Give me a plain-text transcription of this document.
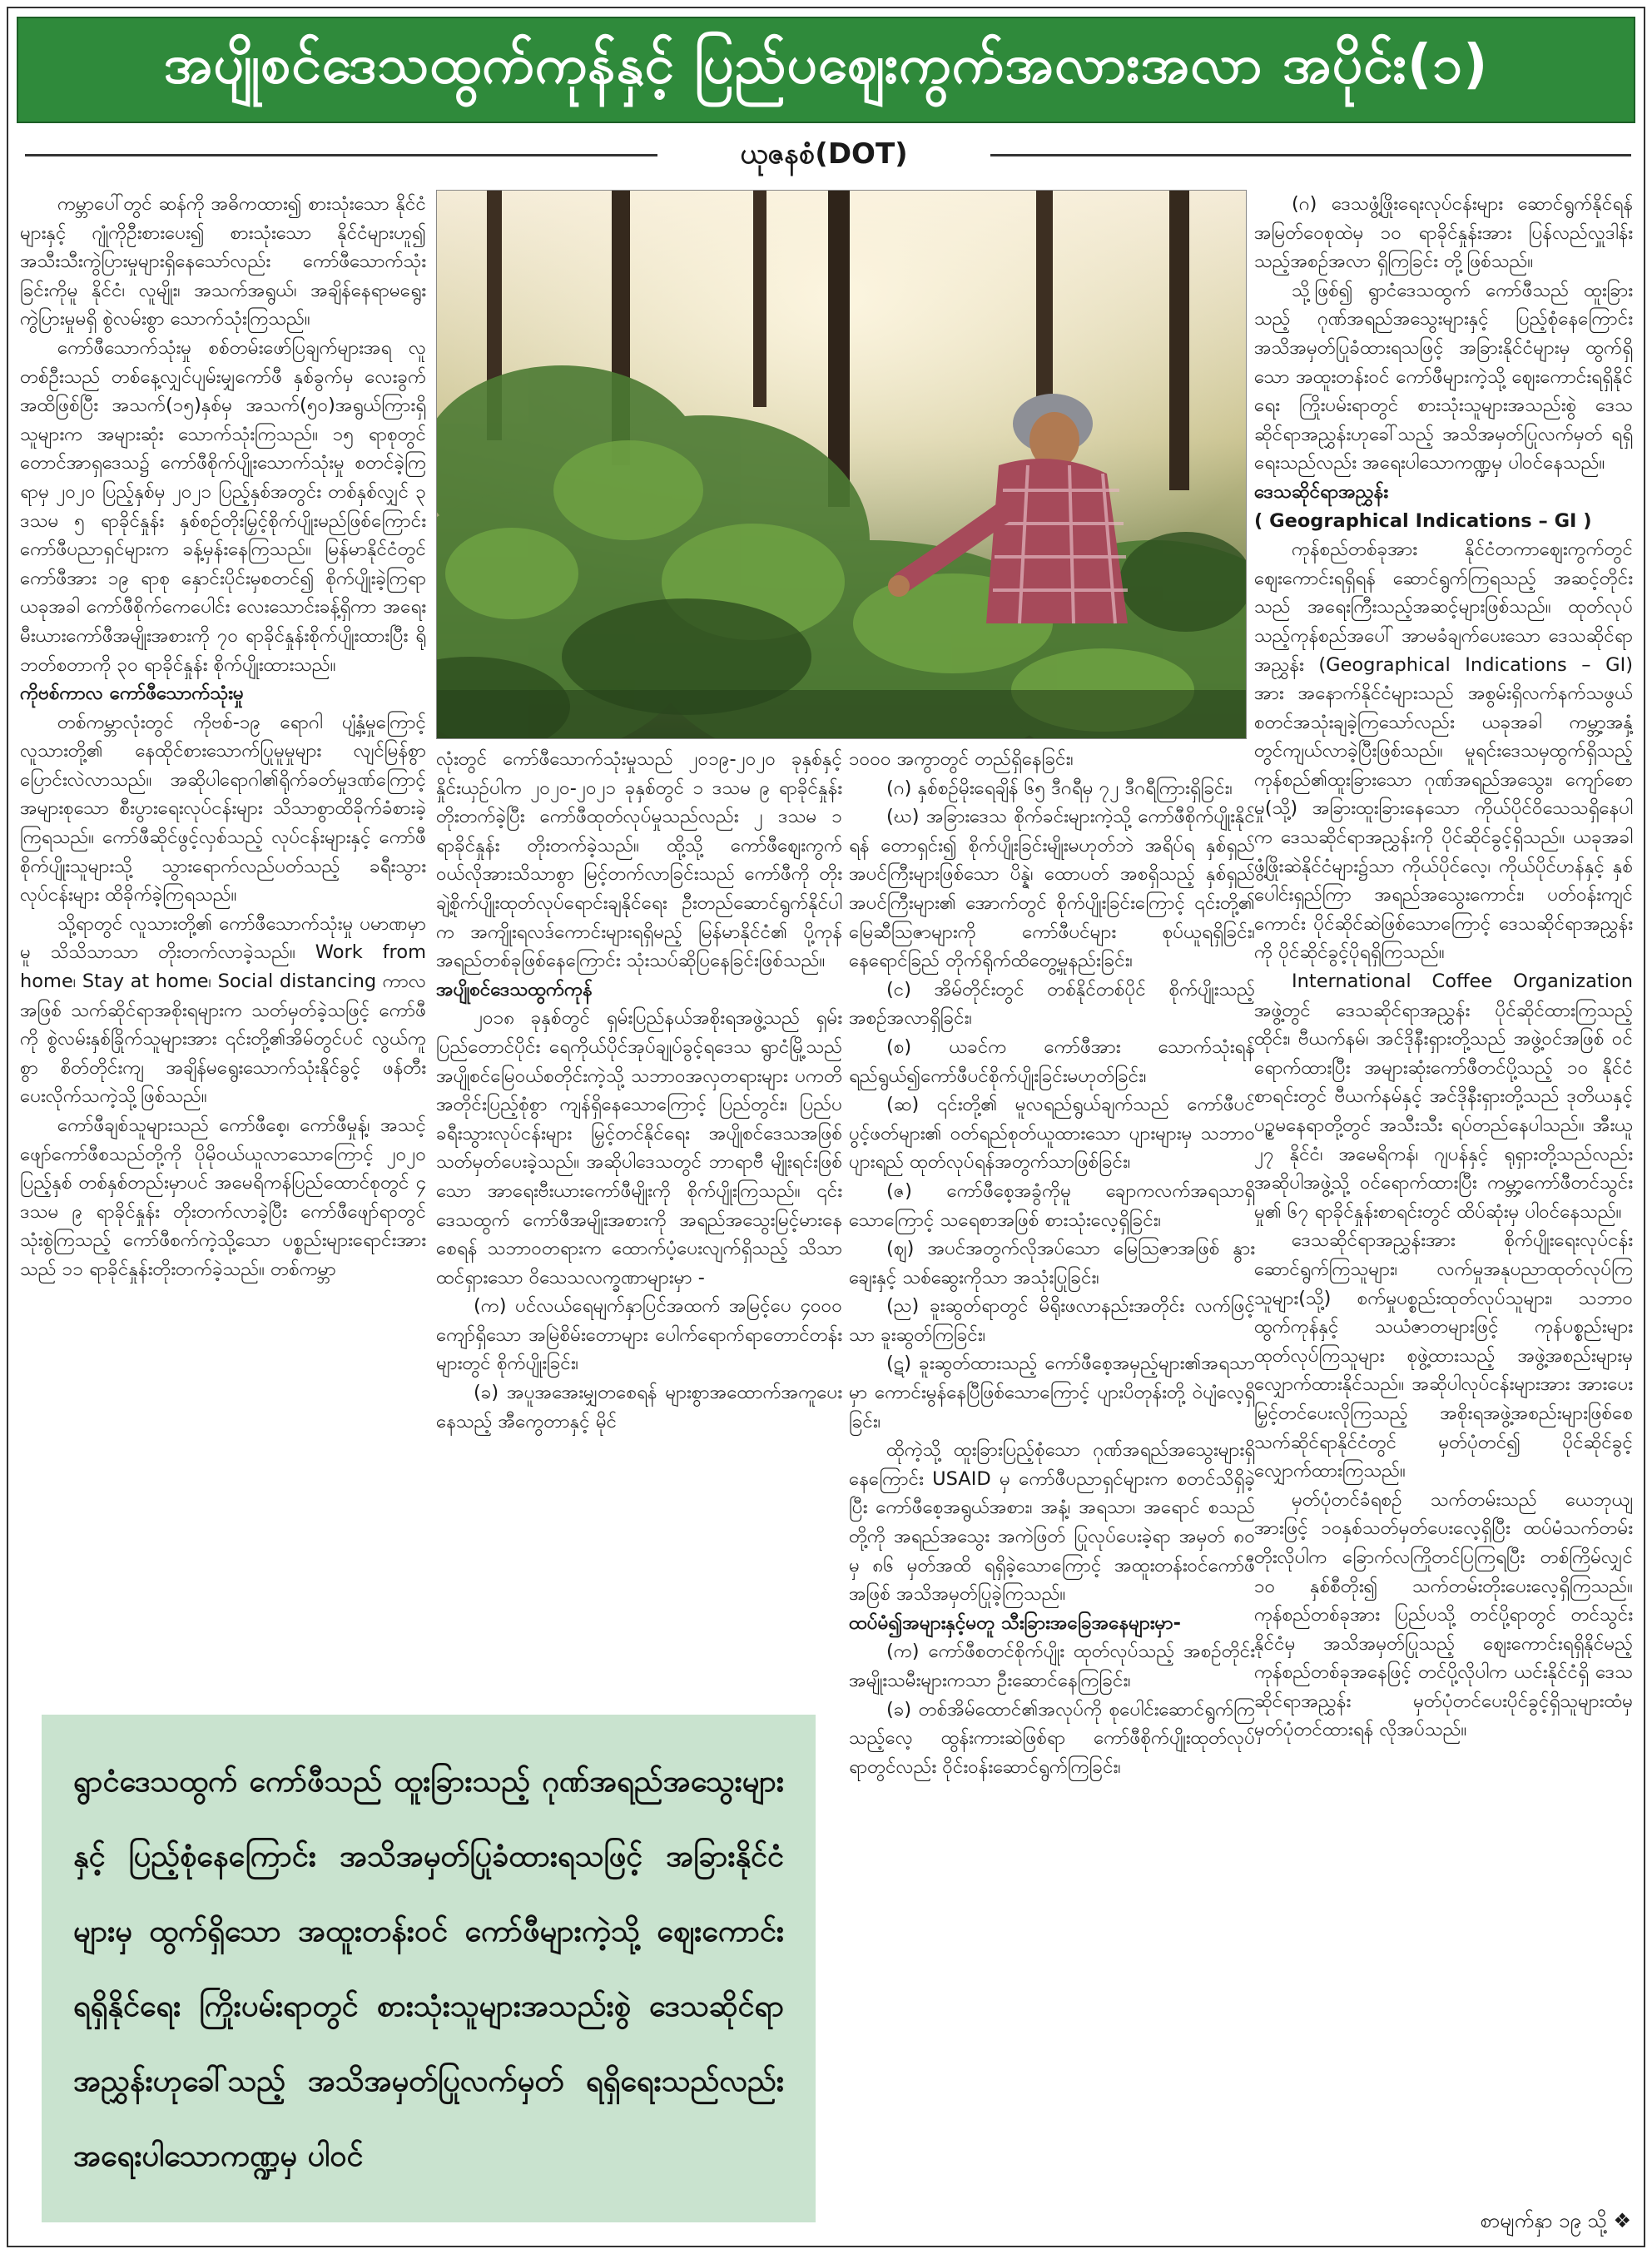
အပျိုစင်ဒေသထွက်ကုန်နှင့် ပြည်ပဈေးကွက်အလားအလာ အပိုင်း(၁)
ယုဇနစံ(DOT)

ကမ္ဘာပေါ်တွင် ဆန်ကို အဓိကထား၍ စားသုံးသော နိုင်ငံများနှင့် ဂျုံကိုဦးစားပေး၍ စားသုံးသော နိုင်ငံများဟူ၍ အသီးသီးကွဲပြားမှုများရှိနေသော်လည်း ကော်ဖီသောက်သုံးခြင်းကိုမူ နိုင်ငံ၊ လူမျိုး၊ အသက်အရွယ်၊ အချိန်နေရာမရွေး ကွဲပြားမှုမရှိ စွဲလမ်းစွာ သောက်သုံးကြသည်။

ကော်ဖီသောက်သုံးမှု စစ်တမ်းဖော်ပြချက်များအရ လူတစ်ဦးသည် တစ်နေ့လျှင်ပျမ်းမျှကော်ဖီ နှစ်ခွက်မှ လေးခွက်အထိဖြစ်ပြီး အသက်(၁၅)နှစ်မှ အသက်(၅၀)အရွယ်ကြားရှိသူများက အများဆုံး သောက်သုံးကြသည်။ ၁၅ ရာစုတွင် တောင်အာရှဒေသ၌ ကော်ဖီစိုက်ပျိုးသောက်သုံးမှု စတင်ခဲ့ကြရာမှ ၂၀၂၀ ပြည့်နှစ်မှ ၂၀၂၁ ပြည့်နှစ်အတွင်း တစ်နှစ်လျှင် ၃ ဒသမ ၅ ရာခိုင်နှုန်း နှစ်စဉ်တိုးမြှင့်စိုက်ပျိုးမည်ဖြစ်ကြောင်း ကော်ဖီပညာရှင်များက ခန့်မှန်းနေကြသည်။ မြန်မာနိုင်ငံတွင် ကော်ဖီအား ၁၉ ရာစု နှောင်းပိုင်းမှစတင်၍ စိုက်ပျိုးခဲ့ကြရာ ယခုအခါ ကော်ဖီစိုက်ကေပေါင်း လေးသောင်းခန့်ရှိကာ အရေးမီးယားကော်ဖီအမျိုးအစားကို ၇၀ ရာခိုင်နှုန်းစိုက်ပျိုးထားပြီး ရိုဘတ်စတာကို ၃၀ ရာခိုင်နှုန်း စိုက်ပျိုးထားသည်။

ကိုဗစ်ကာလ ကော်ဖီသောက်သုံးမှု

တစ်ကမ္ဘာလုံးတွင် ကိုဗစ်-၁၉ ရောဂါ ပျံ့နှံ့မှုကြောင့် လူသားတို့၏ နေထိုင်စားသောက်ပြုမူမှုများ လျင်မြန်စွာ ပြောင်းလဲလာသည်။ အဆိုပါရောဂါ၏ရိုက်ခတ်မှုဒဏ်ကြောင့် အများစုသော စီးပွားရေးလုပ်ငန်းများ သိသာစွာထိခိုက်ခံစားခဲ့ကြရသည်။ ကော်ဖီဆိုင်ဖွင့်လှစ်သည့် လုပ်ငန်းများနှင့် ကော်ဖီ စိုက်ပျိုးသူများသို့ သွားရောက်လည်ပတ်သည့် ခရီးသွားလုပ်ငန်းများ ထိခိုက်ခဲ့ကြရသည်။

သို့ရာတွင် လူသားတို့၏ ကော်ဖီသောက်သုံးမှု ပမာဏမှာမူ သိသိသာသာ တိုးတက်လာခဲ့သည်။ Work from home၊ Stay at home၊ Social distancing ကာလအဖြစ် သက်ဆိုင်ရာအစိုးရများက သတ်မှတ်ခဲ့သဖြင့် ကော်ဖီကို စွဲလမ်းနှစ်ခြိုက်သူများအား ၎င်းတို့၏အိမ်တွင်ပင် လွယ်ကူစွာ စိတ်တိုင်းကျ အချိန်မရွေးသောက်သုံးနိုင်ခွင့် ဖန်တီးပေးလိုက်သကဲ့သို့ဖြစ်သည်။

ကော်ဖီချစ်သူများသည် ကော်ဖီစေ့၊ ကော်ဖီမှုန့်၊ အသင့်ဖျော်ကော်ဖီစသည်တို့ကို ပိုမိုဝယ်ယူလာသောကြောင့် ၂၀၂၀ ပြည့်နှစ် တစ်နှစ်တည်းမှာပင် အမေရိကန်ပြည်ထောင်စုတွင် ၄ ဒသမ ၉ ရာခိုင်နှုန်း တိုးတက်လာခဲ့ပြီး ကော်ဖီဖျော်ရာတွင် သုံးစွဲကြသည့် ကော်ဖီစက်ကဲ့သို့သော ပစ္စည်းများရောင်းအားသည် ၁၁ ရာခိုင်နှုန်းတိုးတက်ခဲ့သည်။ တစ်ကမ္ဘာ

လုံးတွင် ကော်ဖီသောက်သုံးမှုသည် ၂၀၁၉-၂၀၂၀ ခုနှစ်နှင့် နှိုင်းယှဉ်ပါက ၂၀၂၀-၂၀၂၁ ခုနှစ်တွင် ၁ ဒသမ ၉ ရာခိုင်နှုန်း တိုးတက်ခဲ့ပြီး ကော်ဖီထုတ်လုပ်မှုသည်လည်း ၂ ဒသမ ၁ ရာခိုင်နှုန်း တိုးတက်ခဲ့သည်။ ထို့သို့ ကော်ဖီဈေးကွက်ဝယ်လိုအားသိသာစွာ မြင့်တက်လာခြင်းသည် ကော်ဖီကို တိုးချဲ့စိုက်ပျိုးထုတ်လုပ်ရောင်းချနိုင်ရေး ဦးတည်ဆောင်ရွက်နိုင်ပါက အကျိုးရလဒ်ကောင်းများရရှိမည့် မြန်မာနိုင်ငံ၏ ပို့ကုန်အရည်တစ်ခုဖြစ်နေကြောင်း သုံးသပ်ဆိုပြနေခြင်းဖြစ်သည်။

အပျိုစင်ဒေသထွက်ကုန်

၂၀၁၈ ခုနှစ်တွင် ရှမ်းပြည်နယ်အစိုးရအဖွဲ့သည် ရှမ်းပြည်တောင်ပိုင်း ရေကိုယ်ပိုင်အုပ်ချုပ်ခွင့်ရဒေသ ရွာငံမြို့သည် အပျိုစင်မြေဝယ်စတိုင်းကဲ့သို့ သဘာဝအလှတရားများ ပကတိအတိုင်းပြည့်စုံစွာ ကျန်ရှိနေသောကြောင့် ပြည်တွင်း၊ ပြည်ပခရီးသွားလုပ်ငန်းများ မြှင့်တင်နိုင်ရေး အပျိုစင်ဒေသအဖြစ် သတ်မှတ်ပေးခဲ့သည်။ အဆိုပါဒေသတွင် ဘာရာဗီ မျိုးရင်းဖြစ်သော အာရေးဗီးယားကော်ဖီမျိုးကို စိုက်ပျိုးကြသည်။ ၎င်းဒေသထွက် ကော်ဖီအမျိုးအစားကို အရည်အသွေးမြင့်မားနေစေရန် သဘာဝတရားက ထောက်ပံ့ပေးလျက်ရှိသည့် သိသာထင်ရှားသော ဝိသေသလက္ခဏာများမှာ -

(က) ပင်လယ်ရေမျက်နှာပြင်အထက် အမြင့်ပေ ၄၀၀၀ ကျော်ရှိသော အမြဲစိမ်းတောများ ပေါက်ရောက်ရာတောင်တန်းများတွင် စိုက်ပျိုးခြင်း၊

(ခ) အပူအအေးမျှတစေရန် များစွာအထောက်အကူပေးနေသည့် အီကွေတာနှင့် မိုင်

၁၀၀၀ အကွာတွင် တည်ရှိနေခြင်း၊

(ဂ) နှစ်စဉ်မိုးရေချိန် ၆၅ ဒီဂရီမှ ၇၂ ဒီဂရီကြားရှိခြင်း၊

(ဃ) အခြားဒေသ စိုက်ခင်းများကဲ့သို့ ကော်ဖီစိုက်ပျိုးနိုင်ရန် တောရှင်း၍ စိုက်ပျိုးခြင်းမျိုးမဟုတ်ဘဲ အရိပ်ရ နှစ်ရှည်အပင်ကြီးများဖြစ်သော ပိန္နဲ၊ ထောပတ် အစရှိသည့် နှစ်ရှည်အပင်ကြီးများ၏ အောက်တွင် စိုက်ပျိုးခြင်းကြောင့် ၎င်းတို့၏ မြေဆီသြဇာများကို ကော်ဖီပင်များ စုပ်ယူရရှိခြင်း၊ နေရောင်ခြည် တိုက်ရိုက်ထိတွေ့မှုနည်းခြင်း၊

(င) အိမ်တိုင်းတွင် တစ်နိုင်တစ်ပိုင် စိုက်ပျိုးသည့် အစဉ်အလာရှိခြင်း၊

(စ) ယခင်က ကော်ဖီအား သောက်သုံးရန် ရည်ရွယ်၍ကော်ဖီပင်စိုက်ပျိုးခြင်းမဟုတ်ခြင်း၊

(ဆ) ၎င်းတို့၏ မူလရည်ရွယ်ချက်သည် ကော်ဖီပင်ပွင့်ဖတ်များ၏ ဝတ်ရည်စုတ်ယူထားသော ပျားများမှ သဘာဝပျားရည် ထုတ်လုပ်ရန်အတွက်သာဖြစ်ခြင်း၊

(ဇ) ကော်ဖီစေ့အခွံကိုမူ ချောကလက်အရသာရှိသောကြောင့် သရေစာအဖြစ် စားသုံးလေ့ရှိခြင်း၊

(ဈ) အပင်အတွက်လိုအပ်သော မြေသြဇာအဖြစ် နွားချေးနှင့် သစ်ဆွေးကိုသာ အသုံးပြုခြင်း၊

(ည) ခူးဆွတ်ရာတွင် မိရိုးဖလာနည်းအတိုင်း လက်ဖြင့်သာ ခူးဆွတ်ကြခြင်း၊

(ဋ) ခူးဆွတ်ထားသည့် ကော်ဖီစေ့အမှည့်များ၏အရသာမှာ ကောင်းမွန်နေပြီဖြစ်သောကြောင့် ပျားပိတုန်းတို့ ဝဲပျံလေ့ရှိခြင်း၊

ထိုကဲ့သို့ ထူးခြားပြည့်စုံသော ဂုဏ်အရည်အသွေးများရှိနေကြောင်း USAID မှ ကော်ဖီပညာရှင်များက စတင်သိရှိခဲ့ပြီး ကော်ဖီစေ့အရွယ်အစား၊ အနံ့၊ အရသာ၊ အရောင် စသည်တို့ကို အရည်အသွေး အကဲဖြတ် ပြုလုပ်ပေးခဲ့ရာ အမှတ် ၈၀ မှ ၈၆ မှတ်အထိ ရရှိခဲ့သောကြောင့် အထူးတန်းဝင်ကော်ဖီအဖြစ် အသိအမှတ်ပြုခဲ့ကြသည်။

ထပ်မံ၍အများနှင့်မတူ သီးခြားအခြေအနေများမှာ-

(က) ကော်ဖီစတင်စိုက်ပျိုး ထုတ်လုပ်သည့် အစဉ်တိုင်း အမျိုးသမီးများကသာ ဦးဆောင်နေကြခြင်း၊

(ခ) တစ်အိမ်ထောင်၏အလုပ်ကို စုပေါင်းဆောင်ရွက်ကြသည့်လေ့ ထွန်းကားဆဲဖြစ်ရာ ကော်ဖီစိုက်ပျိုးထုတ်လုပ်ရာတွင်လည်း ဝိုင်းဝန်းဆောင်ရွက်ကြခြင်း၊

(ဂ) ဒေသဖွံ့ဖြိုးရေးလုပ်ငန်းများ ဆောင်ရွက်နိုင်ရန် အမြတ်ဝေစုထဲမှ ၁၀ ရာခိုင်နှုန်းအား ပြန်လည်လှူဒါန်းသည့်အစဉ်အလာ ရှိကြခြင်း တို့ဖြစ်သည်။

သို့ဖြစ်၍ ရွာငံဒေသထွက် ကော်ဖီသည် ထူးခြားသည့် ဂုဏ်အရည်အသွေးများနှင့် ပြည့်စုံနေကြောင်း အသိအမှတ်ပြုခံထားရသဖြင့် အခြားနိုင်ငံများမှ ထွက်ရှိသော အထူးတန်းဝင် ကော်ဖီများကဲ့သို့ ဈေးကောင်းရရှိနိုင်ရေး ကြိုးပမ်းရာတွင် စားသုံးသူများအသည်းစွဲ ဒေသဆိုင်ရာအညွှန်းဟုခေါ်သည့် အသိအမှတ်ပြုလက်မှတ် ရရှိရေးသည်လည်း အရေးပါသောကဏ္ဍမှ ပါဝင်နေသည်။

ဒေသဆိုင်ရာအညွှန်း

( Geographical Indications – GI )

ကုန်စည်တစ်ခုအား နိုင်ငံတကာဈေးကွက်တွင် ဈေးကောင်းရရှိရန် ဆောင်ရွက်ကြရသည့် အဆင့်တိုင်းသည် အရေးကြီးသည့်အဆင့်များဖြစ်သည်။ ထုတ်လုပ်သည့်ကုန်စည်အပေါ် အာမခံချက်ပေးသော ဒေသဆိုင်ရာအညွှန်း (Geographical Indications – GI) အား အနောက်နိုင်ငံများသည် အစွမ်းရှိလက်နက်သဖွယ် စတင်အသုံးချခဲ့ကြသော်လည်း ယခုအခါ ကမ္ဘာ့အနှံ့ တွင်ကျယ်လာခဲ့ပြီးဖြစ်သည်။ မူရင်းဒေသမှထွက်ရှိသည့် ကုန်စည်၏ထူးခြားသော ဂုဏ်အရည်အသွေး၊ ကျော်စောမှု(သို့) အခြားထူးခြားနေသော ကိုယ်ပိုင်ဝိသေသရှိနေပါက ဒေသဆိုင်ရာအညွှန်းကို ပိုင်ဆိုင်ခွင့်ရှိသည်။ ယခုအခါ ဖွံ့ဖြိုးဆဲနိုင်ငံများ၌သာ ကိုယ်ပိုင်လေ့၊ ကိုယ်ပိုင်ဟန်နှင့် နှစ်ပေါင်းရှည်ကြာ အရည်အသွေးကောင်း၊ ပတ်ဝန်းကျင်ကောင်း ပိုင်ဆိုင်ဆဲဖြစ်သောကြောင့် ဒေသဆိုင်ရာအညွှန်းကို ပိုင်ဆိုင်ခွင့်ပိုရရှိကြသည်။

International Coffee Organization အဖွဲ့တွင် ဒေသဆိုင်ရာအညွှန်း ပိုင်ဆိုင်ထားကြသည့် ထိုင်း၊ ဗီယက်နမ်၊ အင်ဒိုနီးရှားတို့သည် အဖွဲ့ဝင်အဖြစ် ဝင်ရောက်ထားပြီး အများဆုံးကော်ဖီတင်ပို့သည့် ၁၀ နိုင်ငံစာရင်းတွင် ဗီယက်နမ်နှင့် အင်ဒိုနီးရှားတို့သည် ဒုတိယနှင့် ပဉ္စမနေရာတို့တွင် အသီးသီး ရပ်တည်နေပါသည်။ အီးယူ ၂၇ နိုင်ငံ၊ အမေရိကန်၊ ဂျပန်နှင့် ရုရှားတို့သည်လည်း အဆိုပါအဖွဲ့သို့ ဝင်ရောက်ထားပြီး ကမ္ဘာ့ကော်ဖီတင်သွင်းမှု၏ ၆၇ ရာခိုင်နှုန်းစာရင်းတွင် ထိပ်ဆုံးမှ ပါဝင်နေသည်။

ဒေသဆိုင်ရာအညွှန်းအား စိုက်ပျိုးရေးလုပ်ငန်းဆောင်ရွက်ကြသူများ၊ လက်မှုအနုပညာထုတ်လုပ်ကြသူများ(သို့) စက်မှုပစ္စည်းထုတ်လုပ်သူများ၊ သဘာဝထွက်ကုန်နှင့် သယံဇာတများဖြင့် ကုန်ပစ္စည်းများ ထုတ်လုပ်ကြသူများ စုဖွဲ့ထားသည့် အဖွဲ့အစည်းများမှ လျှောက်ထားနိုင်သည်။ အဆိုပါလုပ်ငန်းများအား အားပေးမြှင့်တင်ပေးလိုကြသည့် အစိုးရအဖွဲ့အစည်းများဖြစ်စေ သက်ဆိုင်ရာနိုင်ငံတွင် မှတ်ပုံတင်၍ ပိုင်ဆိုင်ခွင့် လျှောက်ထားကြသည်။

မှတ်ပုံတင်ခံရစဉ် သက်တမ်းသည် ယေဘုယျအားဖြင့် ၁၀နှစ်သတ်မှတ်ပေးလေ့ရှိပြီး ထပ်မံသက်တမ်းတိုးလိုပါက ခြောက်လကြိုတင်ပြကြရပြီး တစ်ကြိမ်လျှင် ၁၀ နှစ်စီတိုး၍ သက်တမ်းတိုးပေးလေ့ရှိကြသည်။ ကုန်စည်တစ်ခုအား ပြည်ပသို့ တင်ပို့ရာတွင် တင်သွင်းနိုင်ငံမှ အသိအမှတ်ပြုသည့် ဈေးကောင်းရရှိနိုင်မည့် ကုန်စည်တစ်ခုအနေဖြင့် တင်ပို့လိုပါက ယင်းနိုင်ငံရှိ ဒေသဆိုင်ရာအညွှန်း မှတ်ပုံတင်ပေးပိုင်ခွင့်ရှိသူများထံမှ မှတ်ပုံတင်ထားရန် လိုအပ်သည်။

ရွာငံဒေသထွက် ကော်ဖီသည် ထူးခြားသည့် ဂုဏ်အရည်အသွေးများနှင့် ပြည့်စုံနေကြောင်း အသိအမှတ်ပြုခံထားရသဖြင့် အခြားနိုင်ငံများမှ ထွက်ရှိသော အထူးတန်းဝင် ကော်ဖီများကဲ့သို့ ဈေးကောင်းရရှိနိုင်ရေး ကြိုးပမ်းရာတွင် စားသုံးသူများအသည်းစွဲ ဒေသဆိုင်ရာအညွှန်းဟုခေါ်သည့် အသိအမှတ်ပြုလက်မှတ် ရရှိရေးသည်လည်း အရေးပါသောကဏ္ဍမှ ပါဝင်
စာမျက်နှာ ၁၉ သို့ ❖
